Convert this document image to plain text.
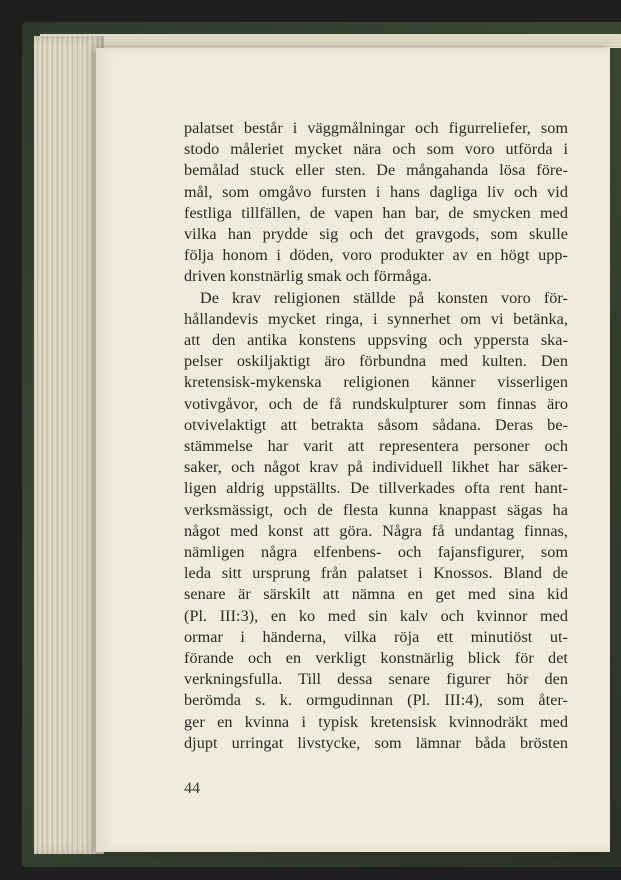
palatset består i väggmålningar och figurreliefer, som
stodo måleriet mycket nära och som voro utförda i
bemålad stuck eller sten. De mångahanda lösa före-
mål, som omgåvo fursten i hans dagliga liv och vid
festliga tillfällen, de vapen han bar, de smycken med
vilka han prydde sig och det gravgods, som skulle
följa honom i döden, voro produkter av en högt upp-
driven konstnärlig smak och förmåga.
De krav religionen ställde på konsten voro för-
hållandevis mycket ringa, i synnerhet om vi betänka,
att den antika konstens uppsving och yppersta ska-
pelser oskiljaktigt äro förbundna med kulten. Den
kretensisk-mykenska religionen känner visserligen
votivgåvor, och de få rundskulpturer som finnas äro
otvivelaktigt att betrakta såsom sådana. Deras be-
stämmelse har varit att representera personer och
saker, och något krav på individuell likhet har säker-
ligen aldrig uppställts. De tillverkades ofta rent hant-
verksmässigt, och de flesta kunna knappast sägas ha
något med konst att göra. Några få undantag finnas,
nämligen några elfenbens- och fajansfigurer, som
leda sitt ursprung från palatset i Knossos. Bland de
senare är särskilt att nämna en get med sina kid
(Pl. III:3), en ko med sin kalv och kvinnor med
ormar i händerna, vilka röja ett minutiöst ut-
förande och en verkligt konstnärlig blick för det
verkningsfulla. Till dessa senare figurer hör den
berömda s. k. ormgudinnan (Pl. III:4), som åter-
ger en kvinna i typisk kretensisk kvinnodräkt med
djupt urringat livstycke, som lämnar båda brösten
44
